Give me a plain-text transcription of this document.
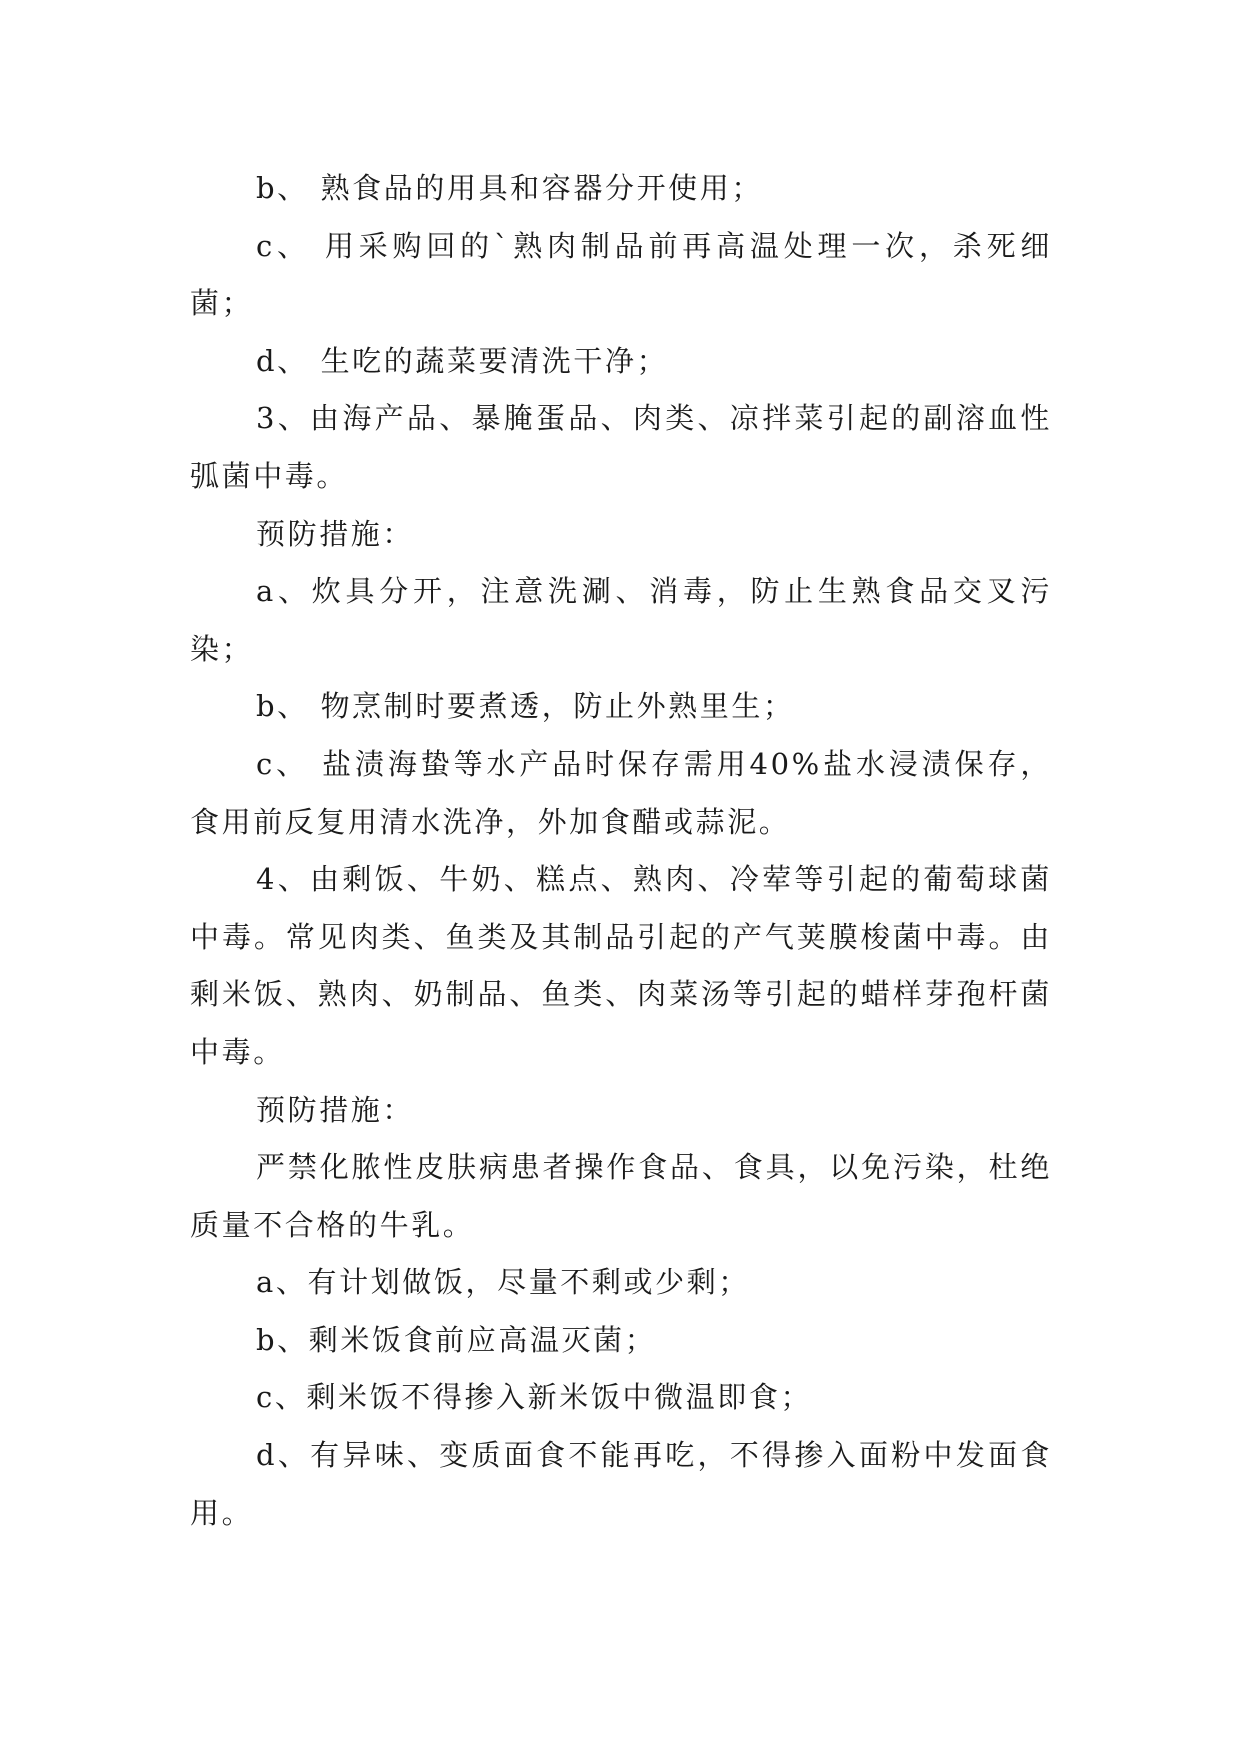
b、 熟食品的用具和容器分开使用；

c、 用采购回的`熟肉制品前再高温处理一次，杀死细菌；

d、 生吃的蔬菜要清洗干净；

3、由海产品、暴腌蛋品、肉类、凉拌菜引起的副溶血性弧菌中毒。

预防措施：

a、炊具分开，注意洗涮、消毒，防止生熟食品交叉污染；

b、 物烹制时要煮透，防止外熟里生；

c、 盐渍海蛰等水产品时保存需用40%盐水浸渍保存，食用前反复用清水洗净，外加食醋或蒜泥。

4、由剩饭、牛奶、糕点、熟肉、冷荤等引起的葡萄球菌中毒。常见肉类、鱼类及其制品引起的产气荚膜梭菌中毒。由剩米饭、熟肉、奶制品、鱼类、肉菜汤等引起的蜡样芽孢杆菌中毒。

预防措施：

严禁化脓性皮肤病患者操作食品、食具，以免污染，杜绝质量不合格的牛乳。

a、有计划做饭，尽量不剩或少剩；

b、剩米饭食前应高温灭菌；

c、剩米饭不得掺入新米饭中微温即食；

d、有异味、变质面食不能再吃，不得掺入面粉中发面食用。
